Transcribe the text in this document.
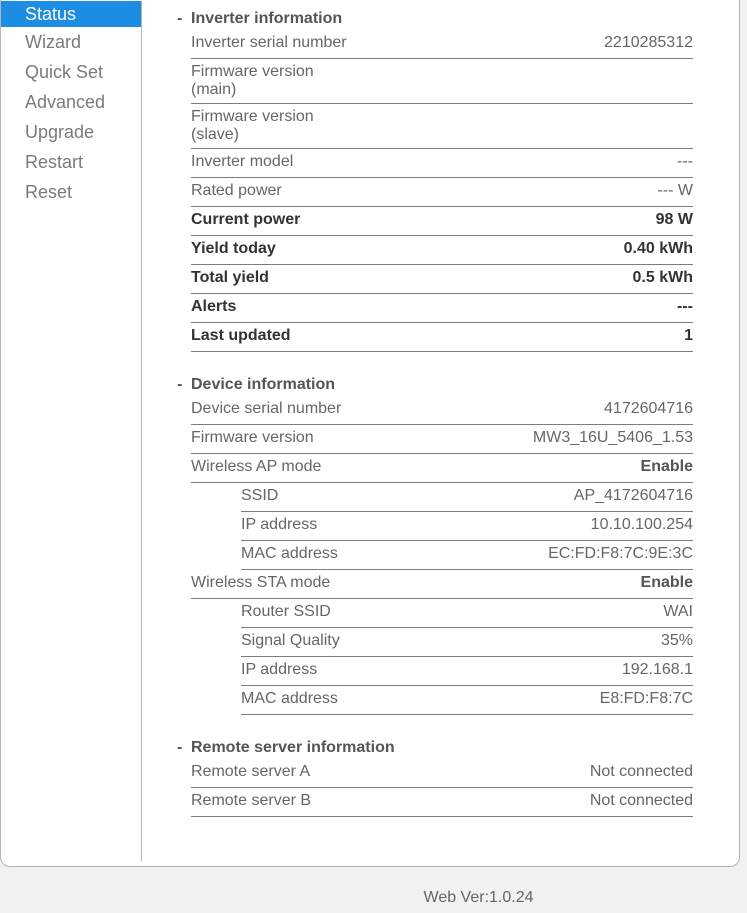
Status
Wizard
Quick Set
Advanced
Upgrade
Restart
Reset
- Inverter information
Inverter serial number	2210285312
Firmware version (main)
Firmware version (slave)
Inverter model	---
Rated power	--- W
Current power	98 W
Yield today	0.40 kWh
Total yield	0.5 kWh
Alerts	---
Last updated	1
- Device information
Device serial number	4172604716
Firmware version	MW3_16U_5406_1.53
Wireless AP mode	Enable
SSID	AP_4172604716
IP address	10.10.100.254
MAC address	EC:FD:F8:7C:9E:3C
Wireless STA mode	Enable
Router SSID	WAI
Signal Quality	35%
IP address	192.168.1
MAC address	E8:FD:F8:7C
- Remote server information
Remote server A	Not connected
Remote server B	Not connected
Web Ver:1.0.24
